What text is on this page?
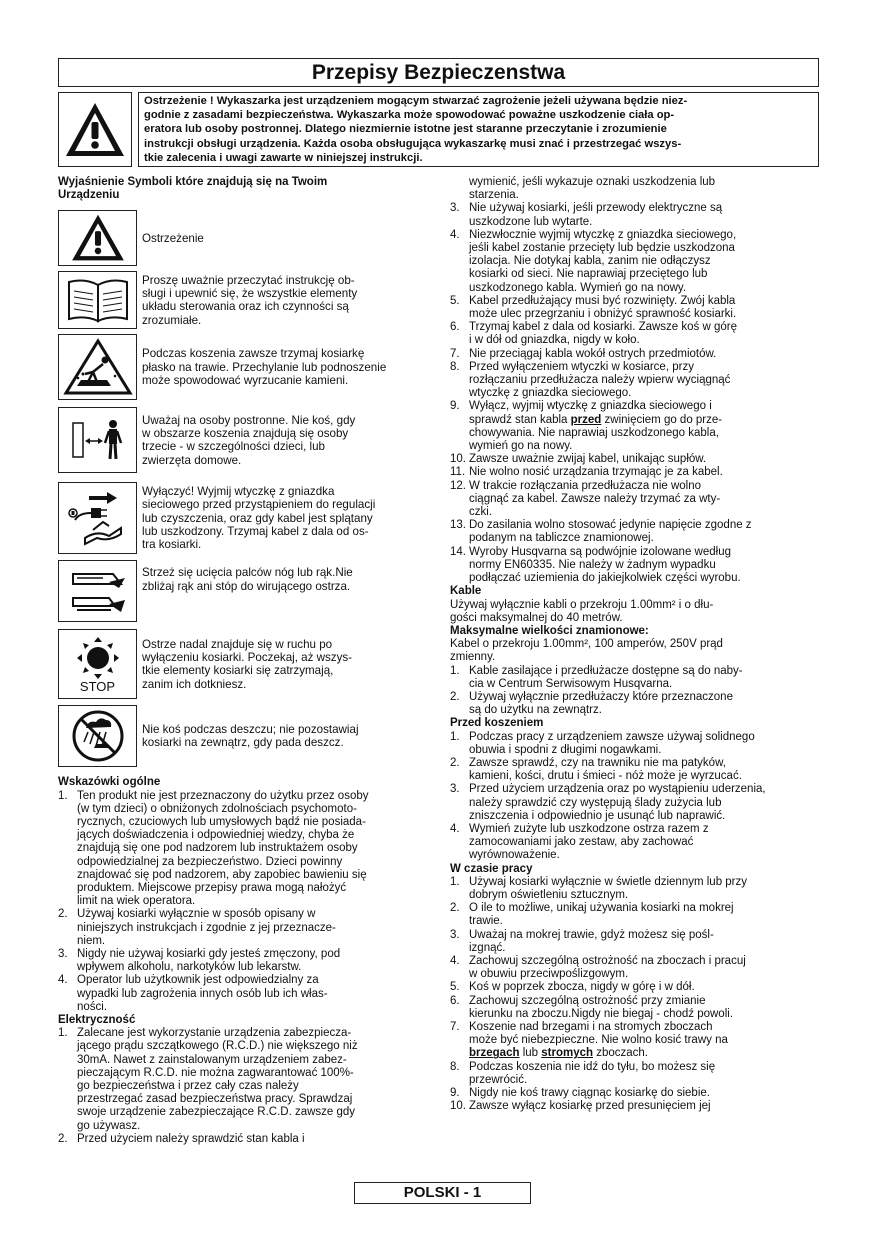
Przepisy Bezpieczenstwa
Ostrzeżenie ! Wykaszarka jest urządzeniem mogącym stwarzać zagrożenie jeżeli używana będzie niez-
godnie z zasadami bezpieczeństwa. Wykaszarka może spowodować poważne uszkodzenie ciała op-
eratora lub osoby postronnej. Dlatego niezmiernie istotne jest staranne przeczytanie i zrozumienie
instrukcji obsługi urządzenia. Każda osoba obsługująca wykaszarkę musi znać i przestrzegać wszys-
tkie zalecenia i uwagi zawarte w niniejszej instrukcji.
Wyjaśnienie Symboli które znajdują się na Twoim
Urządzeniu
Ostrzeżenie
Proszę uważnie przeczytać instrukcję ob-
sługi i upewnić się, że wszystkie elementy
układu sterowania oraz ich czynności są
zrozumiałe.
Podczas koszenia zawsze trzymaj kosiarkę
płasko na trawie. Przechylanie lub podnoszenie
może spowodować wyrzucanie kamieni.
Uważaj na osoby postronne. Nie koś, gdy
w obszarze koszenia znajdują się osoby
trzecie - w szczególności dzieci, lub
zwierzęta domowe.
Wyłączyć! Wyjmij wtyczkę z gniazdka
sieciowego przed przystąpieniem do regulacji
lub czyszczenia, oraz gdy kabel jest splątany
lub uszkodzony. Trzymaj kabel z dala od os-
tra kosiarki.
Strzeż się ucięcia palców nóg lub rąk.Nie
zbliżaj rąk ani stóp do wirującego ostrza.
STOP
Ostrze nadal znajduje się w ruchu po
wyłączeniu kosiarki. Poczekaj, aż wszys-
tkie elementy kosiarki się zatrzymają,
zanim ich dotkniesz.
Nie koś podczas deszczu; nie pozostawiaj
kosiarki na zewnątrz, gdy pada deszcz.
Wskazówki ogólne
1. Ten produkt nie jest przeznaczony do użytku przez osoby
(w tym dzieci) o obniżonych zdolnościach psychomoto-
rycznych, czuciowych lub umysłowych bądź nie posiada-
jących doświadczenia i odpowiedniej wiedzy, chyba że
znajdują się one pod nadzorem lub instruktażem osoby
odpowiedzialnej za bezpieczeństwo. Dzieci powinny
znajdować się pod nadzorem, aby zapobiec bawieniu się
produktem. Miejscowe przepisy prawa mogą nałożyć
limit na wiek operatora.
2. Używaj kosiarki wyłącznie w sposób opisany w
niniejszych instrukcjach i zgodnie z jej przeznacze-
niem.
3. Nigdy nie używaj kosiarki gdy jesteś zmęczony, pod
wpływem alkoholu, narkotyków lub lekarstw.
4. Operator lub użytkownik jest odpowiedzialny za
wypadki lub zagrożenia innych osób lub ich włas-
ności.
Elektryczność
1. Zalecane jest wykorzystanie urządzenia zabezpiecza-
jącego prądu szczątkowego (R.C.D.) nie większego niż
30mA. Nawet z zainstalowanym urządzeniem zabez-
pieczającym R.C.D. nie można zagwarantować 100%-
go bezpieczeństwa i przez cały czas należy
przestrzegać zasad bezpieczeństwa pracy. Sprawdzaj
swoje urządzenie zabezpieczające R.C.D. zawsze gdy
go używasz.
2. Przed użyciem należy sprawdzić stan kabla i
wymienić, jeśli wykazuje oznaki uszkodzenia lub
starzenia.
3. Nie używaj kosiarki, jeśli przewody elektryczne są
uszkodzone lub wytarte.
4. Niezwłocznie wyjmij wtyczkę z gniazdka sieciowego,
jeśli kabel zostanie przecięty lub będzie uszkodzona
izolacja. Nie dotykaj kabla, zanim nie odłączysz
kosiarki od sieci. Nie naprawiaj przeciętego lub
uszkodzonego kabla. Wymień go na nowy.
5. Kabel przedłużający musi być rozwinięty. Zwój kabla
może ulec przegrzaniu i obniżyć sprawność kosiarki.
6. Trzymaj kabel z dala od kosiarki. Zawsze koś w górę
i w dół od gniazdka, nigdy w koło.
7. Nie przeciągaj kabla wokół ostrych przedmiotów.
8. Przed wyłączeniem wtyczki w kosiarce, przy
rozłączaniu przedłużacza należy wpierw wyciągnąć
wtyczkę z gniazdka sieciowego.
9. Wyłącz, wyjmij wtyczkę z gniazdka sieciowego i
sprawdź stan kabla przed zwinięciem go do prze-
chowywania. Nie naprawiaj uszkodzonego kabla,
wymień go na nowy.
10. Zawsze uważnie zwijaj kabel, unikając supłów.
11. Nie wolno nosić urządzania trzymając je za kabel.
12. W trakcie rozłączania przedłużacza nie wolno
ciągnąć za kabel. Zawsze należy trzymać za wty-
czki.
13. Do zasilania wolno stosować jedynie napięcie zgodne z
podanym na tabliczce znamionowej.
14. Wyroby Husqvarna są podwójnie izolowane według
normy EN60335. Nie należy w żadnym wypadku
podłączać uziemienia do jakiejkolwiek części wyrobu.
Kable
Używaj wyłącznie kabli o przekroju 1.00mm² i o dłu-
gości maksymalnej do 40 metrów.
Maksymalne wielkości znamionowe:
Kabel o przekroju 1.00mm², 100 amperów, 250V prąd
zmienny.
1. Kable zasilające i przedłużacze dostępne są do naby-
cia w Centrum Serwisowym Husqvarna.
2. Używaj wyłącznie przedłużaczy które przeznaczone
są do użytku na zewnątrz.
Przed koszeniem
1. Podczas pracy z urządzeniem zawsze używaj solidnego
obuwia i spodni z długimi nogawkami.
2. Zawsze sprawdź, czy na trawniku nie ma patyków,
kamieni, kości, drutu i śmieci - nóż może je wyrzucać.
3. Przed użyciem urządzenia oraz po wystąpieniu uderzenia,
należy sprawdzić czy występują ślady zużycia lub
zniszczenia i odpowiednio je usunąć lub naprawić.
4. Wymień zużyte lub uszkodzone ostrza razem z
zamocowaniami jako zestaw, aby zachować
wyrównoważenie.
W czasie pracy
1. Używaj kosiarki wyłącznie w świetle dziennym lub przy
dobrym oświetleniu sztucznym.
2. O ile to możliwe, unikaj używania kosiarki na mokrej
trawie.
3. Uważaj na mokrej trawie, gdyż możesz się pośl-
izgnąć.
4. Zachowuj szczególną ostrożność na zboczach i pracuj
w obuwiu przeciwpoślizgowym.
5. Koś w poprzek zbocza, nigdy w górę i w dół.
6. Zachowuj szczególną ostrożność przy zmianie
kierunku na zboczu.Nigdy nie biegaj - chodź powoli.
7. Koszenie nad brzegami i na stromych zboczach
może być niebezpieczne. Nie wolno kosić trawy na
brzegach lub stromych zboczach.
8. Podczas koszenia nie idź do tyłu, bo możesz się
przewrócić.
9. Nigdy nie koś trawy ciągnąc kosiarkę do siebie.
10. Zawsze wyłącz kosiarkę przed presunięciem jej
POLSKI - 1
